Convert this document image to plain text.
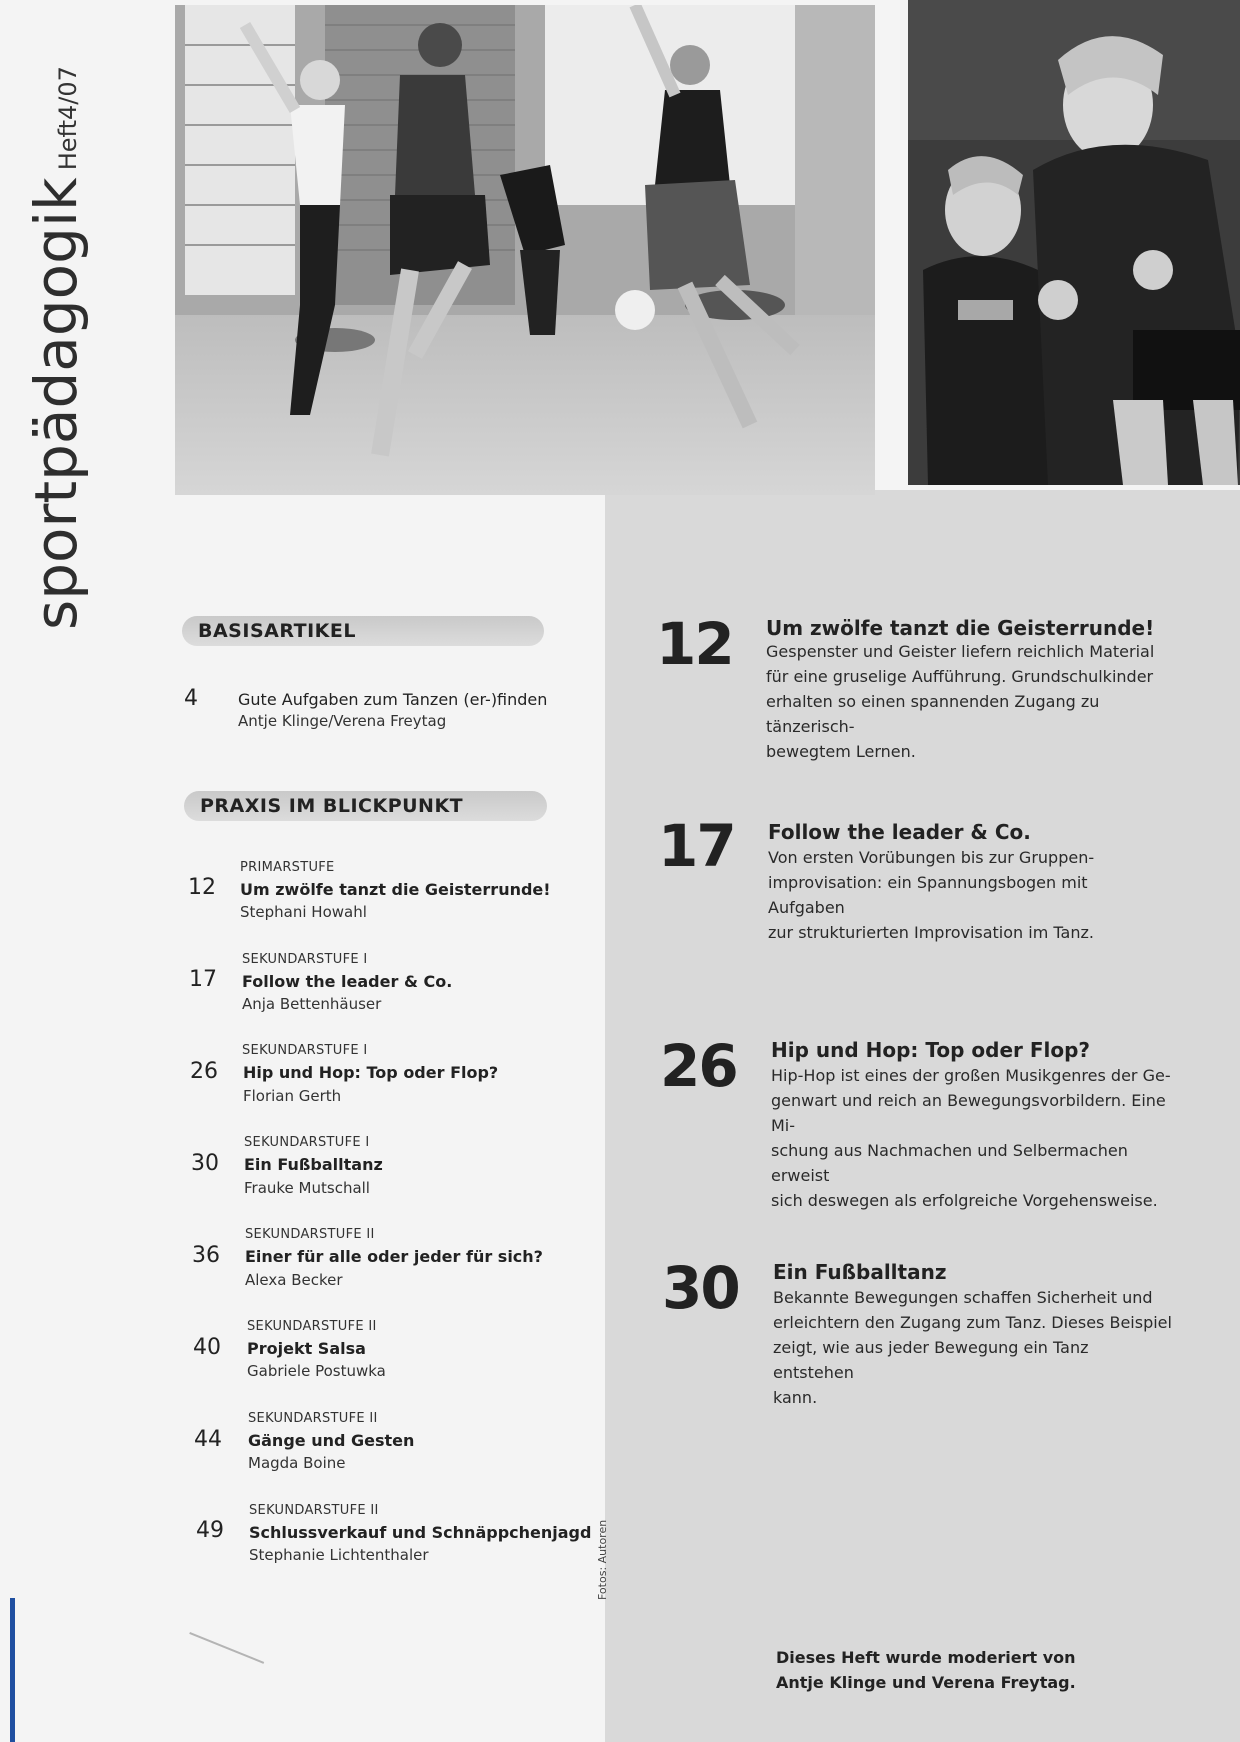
sportpädagogik Heft4/07
BASISARTIKEL
4	Gute Aufgaben zum Tanzen (er-)finden
Antje Klinge/Verena Freytag
PRAXIS IM BLICKPUNKT
PRIMARSTUFE
12 Um zwölfe tanzt die Geisterrunde!
Stephani Howahl
SEKUNDARSTUFE I
17 Follow the leader & Co.
Anja Bettenhäuser
SEKUNDARSTUFE I
26 Hip und Hop: Top oder Flop?
Florian Gerth
SEKUNDARSTUFE I
30 Ein Fußballtanz
Frauke Mutschall
SEKUNDARSTUFE II
36 Einer für alle oder jeder für sich?
Alexa Becker
SEKUNDARSTUFE II
40 Projekt Salsa
Gabriele Postuwka
SEKUNDARSTUFE II
44 Gänge und Gesten
Magda Boine
SEKUNDARSTUFE II
49 Schlussverkauf und Schnäppchenjagd
Stephanie Lichtenthaler
12 Um zwölfe tanzt die Geisterrunde!
Gespenster und Geister liefern reichlich Material
für eine gruselige Aufführung. Grundschulkinder
erhalten so einen spannenden Zugang zu tänzerisch-
bewegtem Lernen.
17 Follow the leader & Co.
Von ersten Vorübungen bis zur Gruppen-
improvisation: ein Spannungsbogen mit Aufgaben
zur strukturierten Improvisation im Tanz.
26 Hip und Hop: Top oder Flop?
Hip-Hop ist eines der großen Musikgenres der Ge-
genwart und reich an Bewegungsvorbildern. Eine Mi-
schung aus Nachmachen und Selbermachen erweist
sich deswegen als erfolgreiche Vorgehensweise.
30 Ein Fußballtanz
Bekannte Bewegungen schaffen Sicherheit und
erleichtern den Zugang zum Tanz. Dieses Beispiel
zeigt, wie aus jeder Bewegung ein Tanz entstehen
kann.
Fotos: Autoren
Dieses Heft wurde moderiert von
Antje Klinge und Verena Freytag.
